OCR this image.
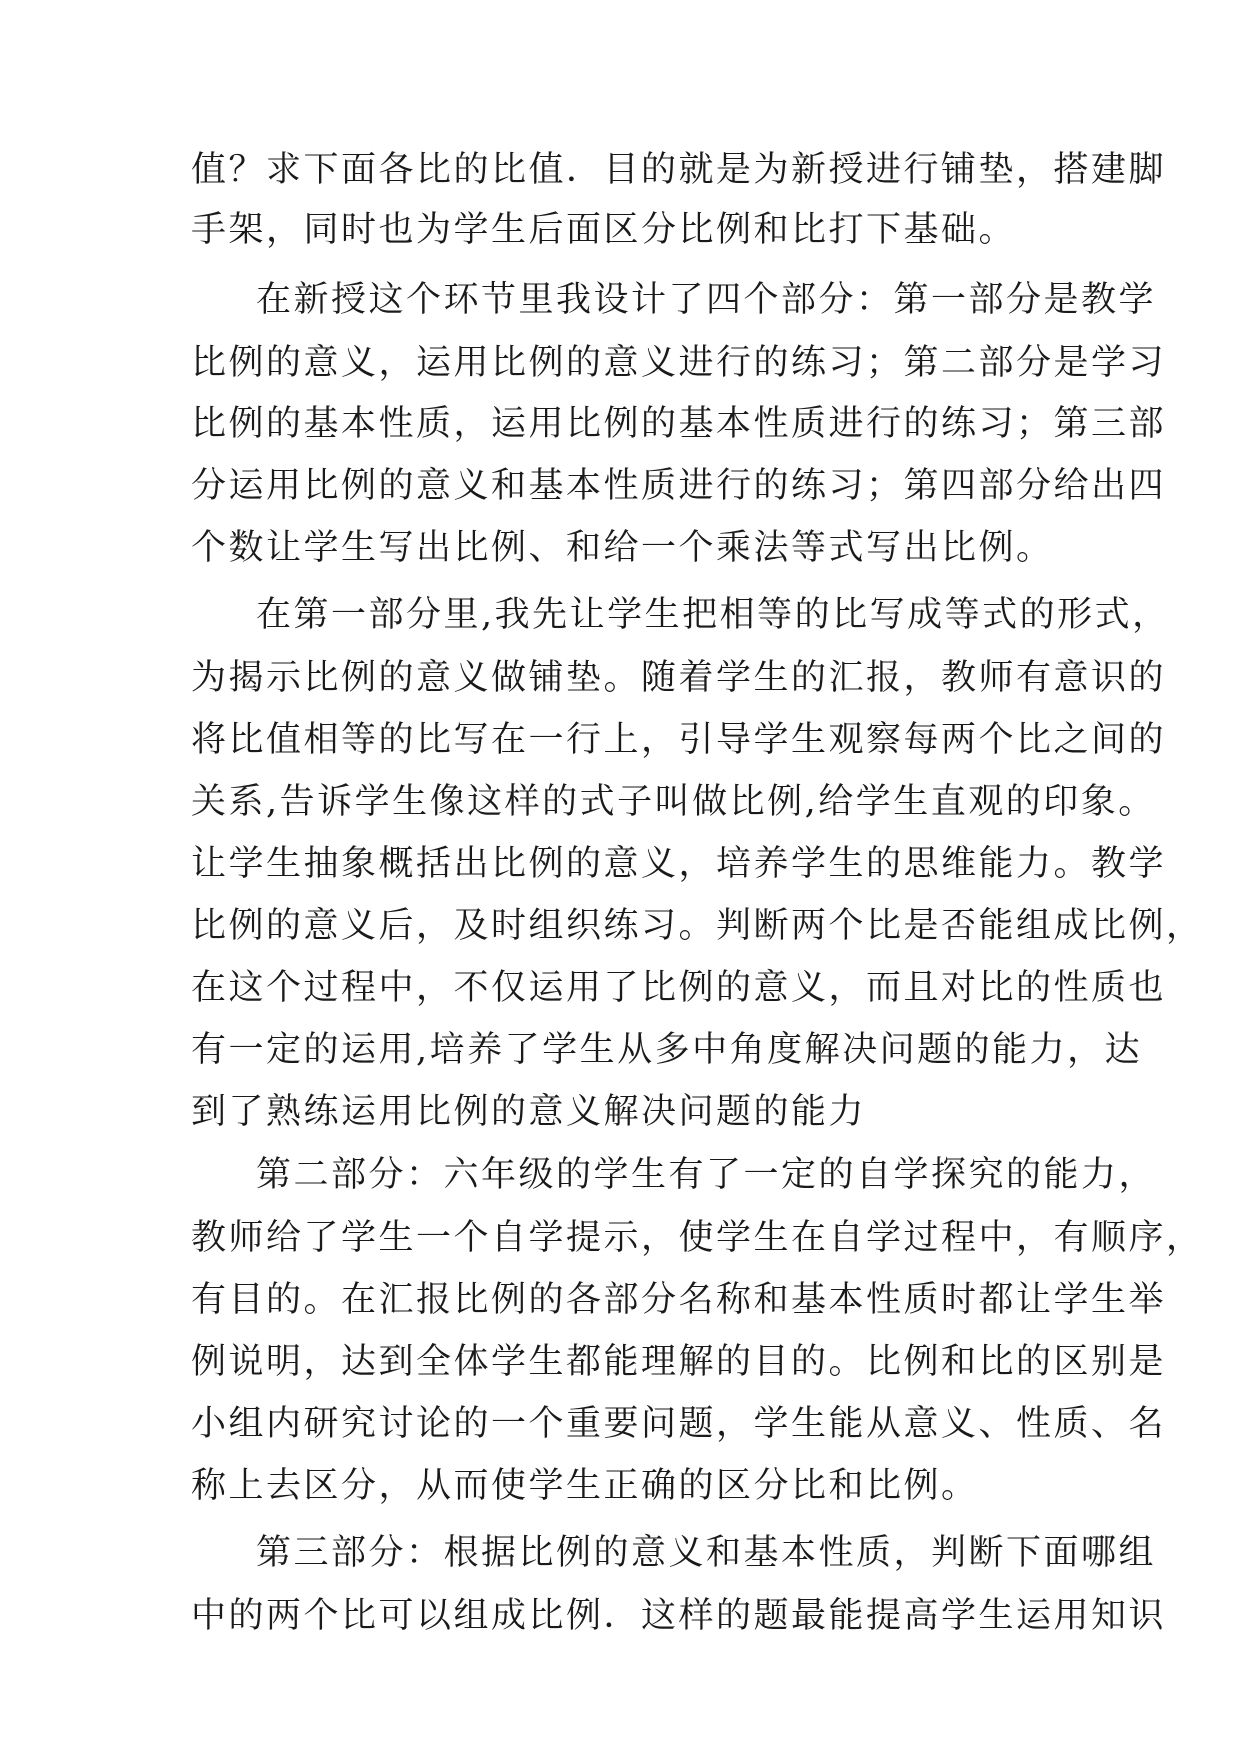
值？求下面各比的比值．目的就是为新授进行铺垫，搭建脚
手架，同时也为学生后面区分比例和比打下基础。
在新授这个环节里我设计了四个部分：第一部分是教学
比例的意义，运用比例的意义进行的练习；第二部分是学习
比例的基本性质，运用比例的基本性质进行的练习；第三部
分运用比例的意义和基本性质进行的练习；第四部分给出四
个数让学生写出比例、和给一个乘法等式写出比例。
在第一部分里,我先让学生把相等的比写成等式的形式，
为揭示比例的意义做铺垫。随着学生的汇报，教师有意识的
将比值相等的比写在一行上，引导学生观察每两个比之间的
关系,告诉学生像这样的式子叫做比例,给学生直观的印象。
让学生抽象概括出比例的意义，培养学生的思维能力。教学
比例的意义后，及时组织练习。判断两个比是否能组成比例，
在这个过程中，不仅运用了比例的意义，而且对比的性质也
有一定的运用,培养了学生从多中角度解决问题的能力，达
到了熟练运用比例的意义解决问题的能力
第二部分：六年级的学生有了一定的自学探究的能力，
教师给了学生一个自学提示，使学生在自学过程中，有顺序，
有目的。在汇报比例的各部分名称和基本性质时都让学生举
例说明，达到全体学生都能理解的目的。比例和比的区别是
小组内研究讨论的一个重要问题，学生能从意义、性质、名
称上去区分，从而使学生正确的区分比和比例。
第三部分：根据比例的意义和基本性质，判断下面哪组
中的两个比可以组成比例．这样的题最能提高学生运用知识
